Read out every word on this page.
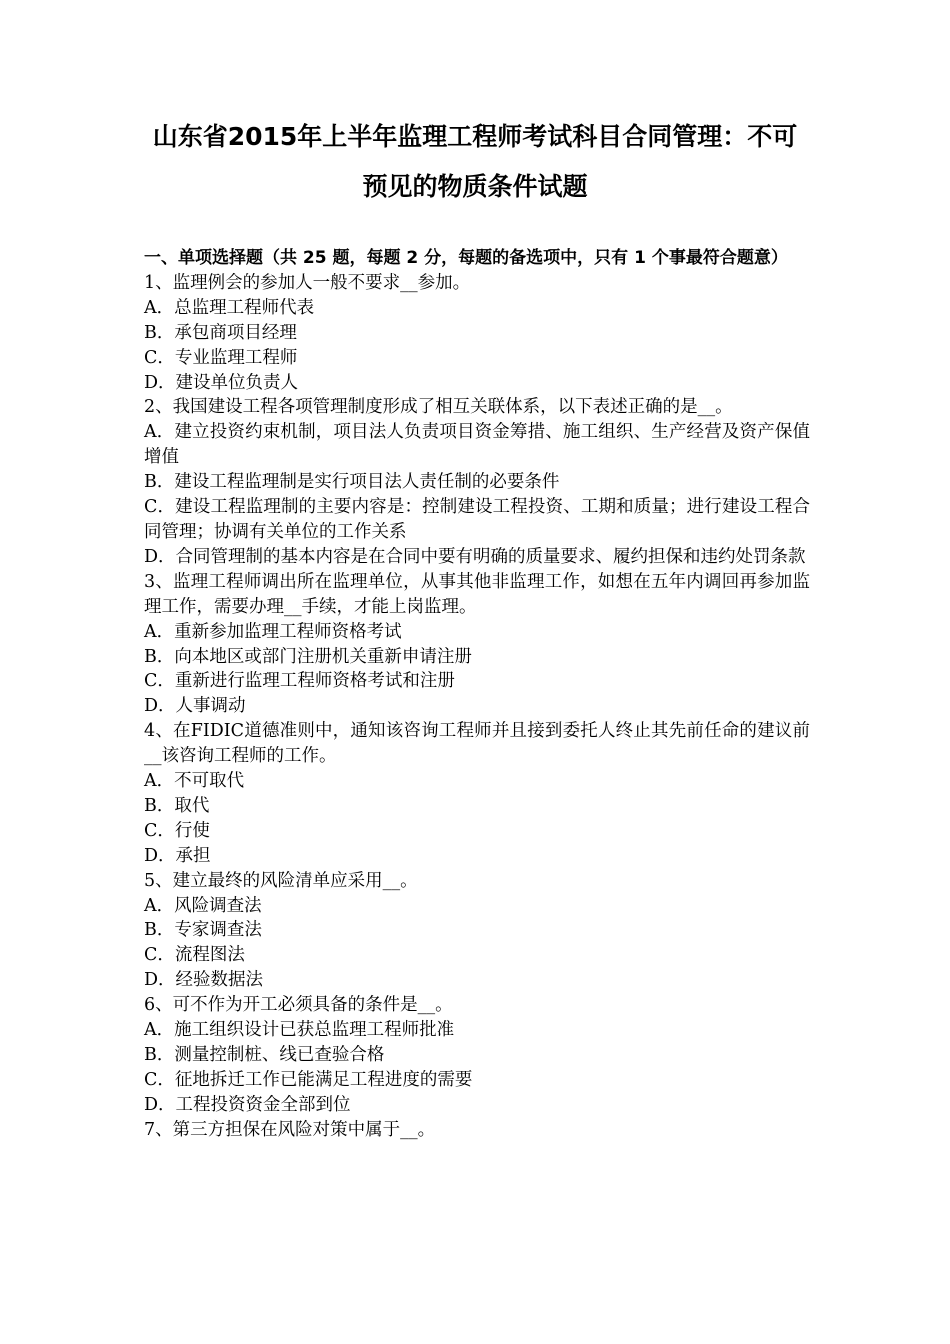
山东省2015年上半年监理工程师考试科目合同管理：不可
预见的物质条件试题
一、单项选择题（共 25 题，每题 2 分，每题的备选项中，只有 1 个事最符合题意）
1、监理例会的参加人一般不要求__参加。
A．总监理工程师代表
B．承包商项目经理
C．专业监理工程师
D．建设单位负责人
2、我国建设工程各项管理制度形成了相互关联体系，以下表述正确的是__。
A．建立投资约束机制，项目法人负责项目资金筹措、施工组织、生产经营及资产保值增值
B．建设工程监理制是实行项目法人责任制的必要条件
C．建设工程监理制的主要内容是：控制建设工程投资、工期和质量；进行建设工程合同管理；协调有关单位的工作关系
D．合同管理制的基本内容是在合同中要有明确的质量要求、履约担保和违约处罚条款
3、监理工程师调出所在监理单位，从事其他非监理工作，如想在五年内调回再参加监理工作，需要办理__手续，才能上岗监理。
A．重新参加监理工程师资格考试
B．向本地区或部门注册机关重新申请注册
C．重新进行监理工程师资格考试和注册
D．人事调动
4、在FIDIC道德准则中，通知该咨询工程师并且接到委托人终止其先前任命的建议前__该咨询工程师的工作。
A．不可取代
B．取代
C．行使
D．承担
5、建立最终的风险清单应采用__。
A．风险调查法
B．专家调查法
C．流程图法
D．经验数据法
6、可不作为开工必须具备的条件是__。
A．施工组织设计已获总监理工程师批准
B．测量控制桩、线已查验合格
C．征地拆迁工作已能满足工程进度的需要
D．工程投资资金全部到位
7、第三方担保在风险对策中属于__。
